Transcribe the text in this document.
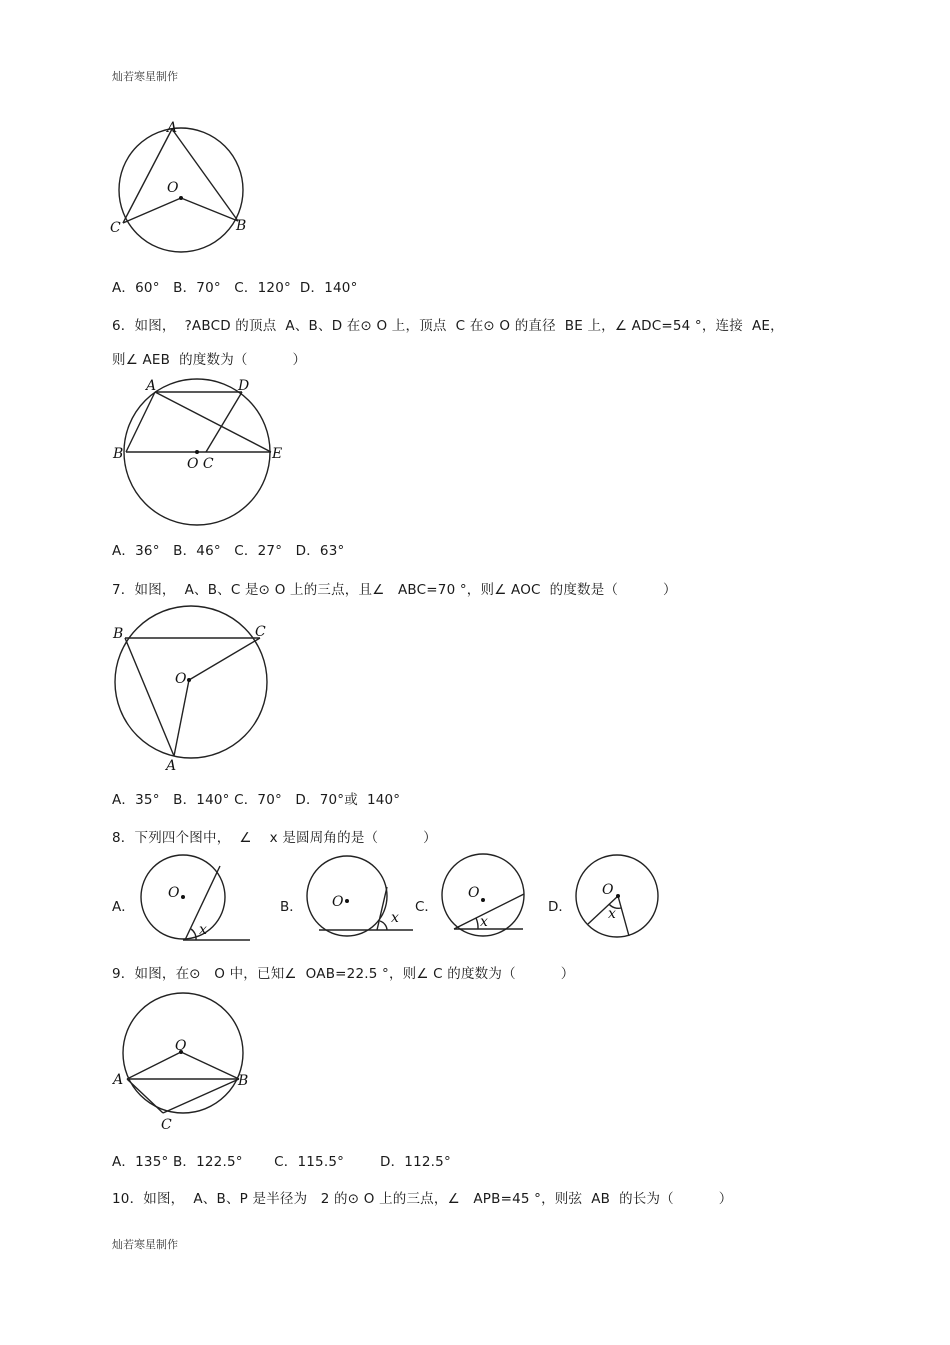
灿若寒星制作
A
O
C	B
A．60°   B．70°   C．120°  D．140°
6．如图，  ?ABCD 的顶点  A、B、D 在⊙ O 上，顶点  C 在⊙ O 的直径  BE 上，∠ ADC=54 °，连接  AE，
则∠ AEB  的度数为（          ）
A	D
B	E
O C
A．36°   B．46°   C．27°   D．63°
7．如图，  A、B、C 是⊙ O 上的三点，且∠   ABC=70 °，则∠ AOC  的度数是（          ）
B	C
O
A
A．35°   B．140° C．70°   D．70°或  140°
8．下列四个图中，  ∠    x 是圆周角的是（          ）
A．
O
x
B． O
x
C．
O
x
D．
O
x
9．如图，在⊙   O 中，已知∠  OAB=22.5 °，则∠ C 的度数为（          ）
O
A	B
C
A．135° B．122.5°       C．115.5°        D．112.5°
10．如图，  A、B、P 是半径为   2 的⊙ O 上的三点，∠   APB=45 °，则弦  AB  的长为（          ）
灿若寒星制作
